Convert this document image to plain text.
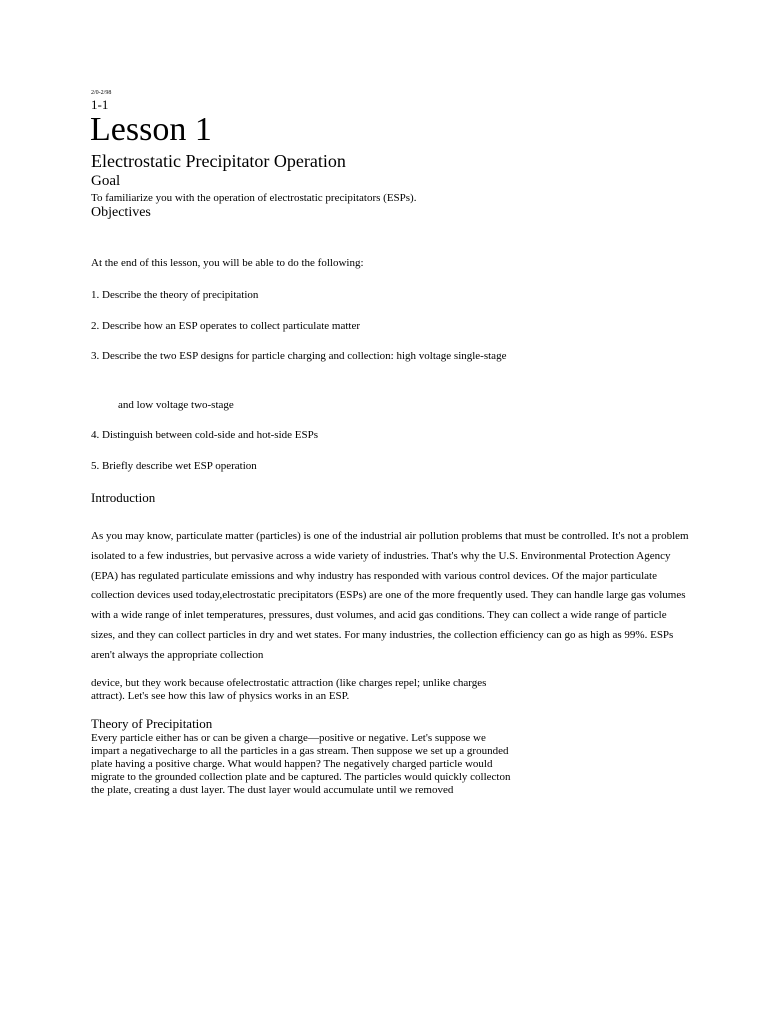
2/0-2/98
1-1
Lesson 1
Electrostatic Precipitator Operation
Goal
To familiarize you with the operation of electrostatic precipitators (ESPs).
Objectives
At the end of this lesson, you will be able to do the following:
1. Describe the theory of precipitation
2. Describe how an ESP operates to collect particulate matter
3. Describe the two ESP designs for particle charging and collection: high voltage single-stage
and low voltage two-stage
4. Distinguish between cold-side and hot-side ESPs
5. Briefly describe wet ESP operation
Introduction
As you may know, particulate matter (particles) is one of the industrial air pollution problems that must be controlled. It's not a problem isolated to a few industries, but pervasive across a wide variety of industries. That's why the U.S. Environmental Protection Agency (EPA) has regulated particulate emissions and why industry has responded with various control devices. Of the major particulate collection devices used today,electrostatic precipitators (ESPs) are one of the more frequently used. They can handle large gas volumes with a wide range of inlet temperatures, pressures, dust volumes, and acid gas conditions. They can collect a wide range of particle sizes, and they can collect particles in dry and wet states. For many industries, the collection efficiency can go as high as 99%. ESPs aren't always the appropriate collection
device, but they work because ofelectrostatic attraction (like charges repel; unlike charges attract). Let's see how this law of physics works in an ESP.
Theory of Precipitation
Every particle either has or can be given a charge—positive or negative. Let's suppose we impart a negativecharge to all the particles in a gas stream. Then suppose we set up a grounded plate having a positive charge. What would happen? The negatively charged particle would migrate to the grounded collection plate and be captured. The particles would quickly collecton the plate, creating a dust layer. The dust layer would accumulate until we removed
